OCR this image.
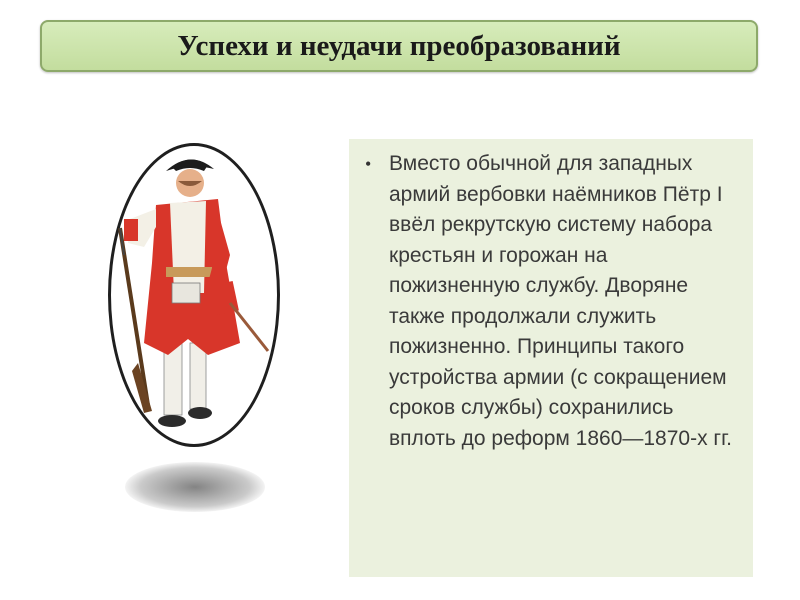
Успехи и неудачи преобразований
• Вместо обычной для западных армий вербовки наёмников Пётр I ввёл рекрутскую систему набора крестьян и горожан на пожизненную службу. Дворяне также продолжали служить пожизненно. Принципы такого устройства армии (с сокращением сроков службы) сохранились вплоть до реформ 1860—1870-х гг.
